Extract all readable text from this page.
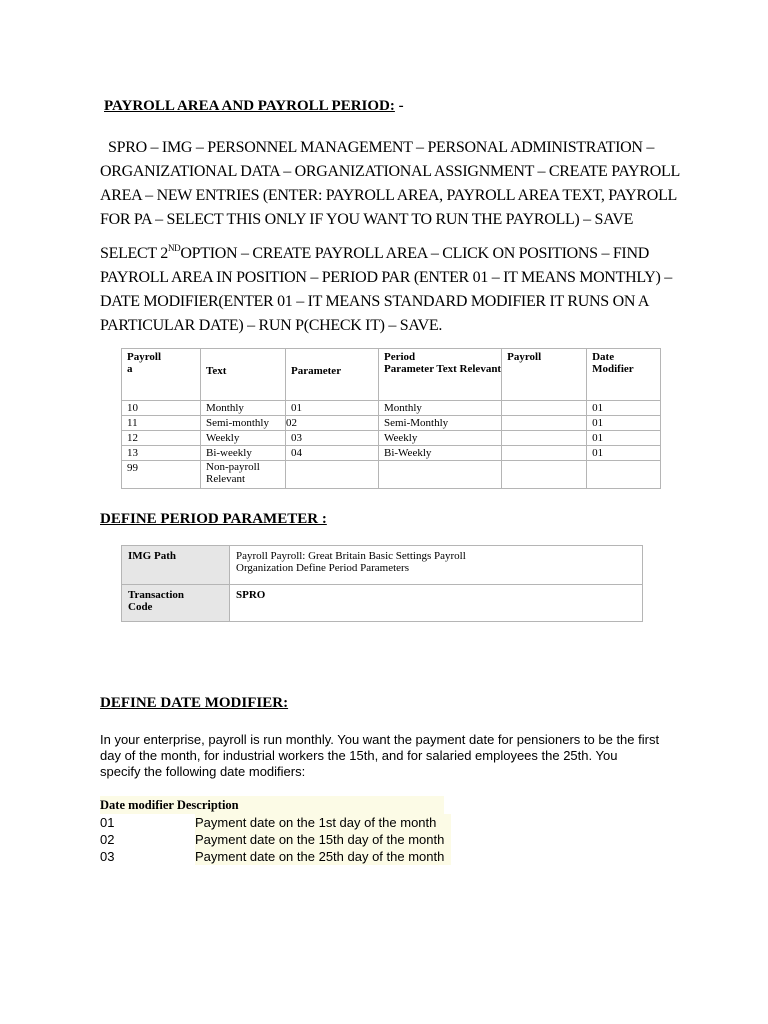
PAYROLL AREA AND PAYROLL PERIOD: -
SPRO – IMG – PERSONNEL MANAGEMENT – PERSONAL ADMINISTRATION –
ORGANIZATIONAL DATA – ORGANIZATIONAL ASSIGNMENT – CREATE PAYROLL
AREA – NEW ENTRIES (ENTER: PAYROLL AREA, PAYROLL AREA TEXT, PAYROLL
FOR PA – SELECT THIS ONLY IF YOU WANT TO RUN THE PAYROLL) – SAVE
SELECT 2NDOPTION – CREATE PAYROLL AREA – CLICK ON POSITIONS – FIND
PAYROLL AREA IN POSITION – PERIOD PAR (ENTER 01 – IT MEANS MONTHLY) –
DATE MODIFIER(ENTER 01 – IT MEANS STANDARD MODIFIER IT RUNS ON A
PARTICULAR DATE) – RUN P(CHECK IT) – SAVE.
Payroll
a	Text	Parameter	Period
Parameter Text Relevant	Payroll	Date
Modifier
10	Monthly	01	Monthly		01
11	Semi-monthly	02	Semi-Monthly		01
12	Weekly	03	Weekly		01
13	Bi-weekly	04	Bi-Weekly		01
99	Non-payroll
Relevant				
DEFINE PERIOD PARAMETER :
IMG Path	Payroll Payroll: Great Britain Basic Settings Payroll
Organization Define Period Parameters
Transaction
Code	SPRO
DEFINE DATE MODIFIER:
In your enterprise, payroll is run monthly. You want the payment date for pensioners to be the first day of the month, for industrial workers the 15th, and for salaried employees the 25th. You specify the following date modifiers:
Date modifier Description
01	Payment date on the 1st day of the month
02	Payment date on the 15th day of the month
03	Payment date on the 25th day of the month
